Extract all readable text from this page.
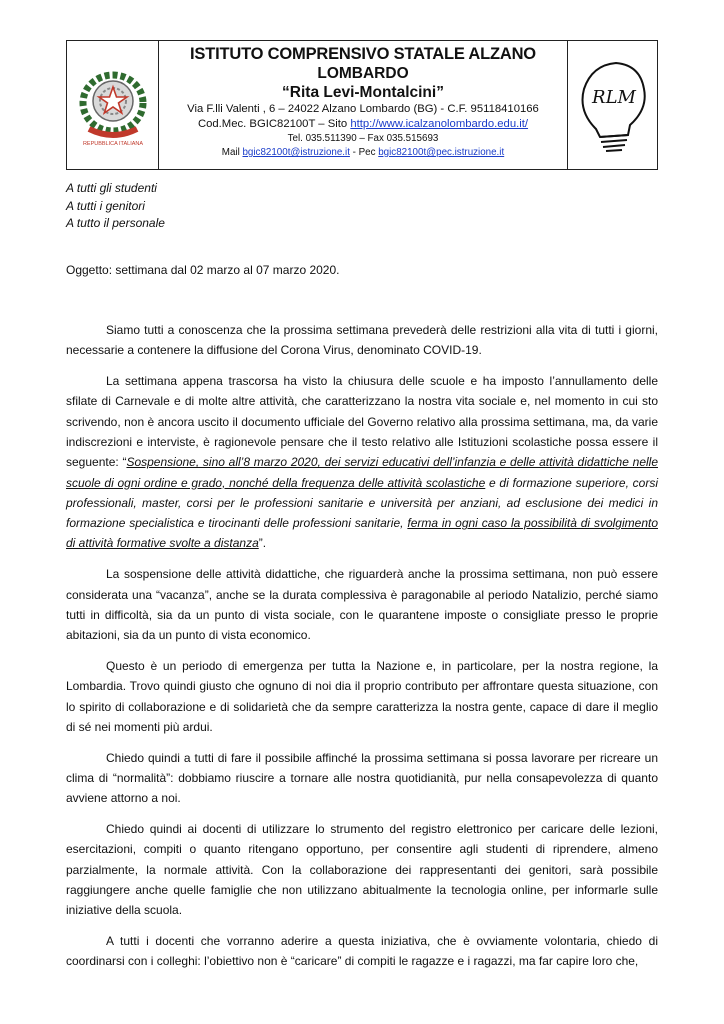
REPUBBLICA ITALIANA
ISTITUTO COMPRENSIVO STATALE ALZANO
LOMBARDO
“Rita Levi-Montalcini”
Via F.lli Valenti , 6 – 24022 Alzano Lombardo (BG) - C.F. 95118410166
Cod.Mec. BGIC82100T – Sito http://www.icalzanolombardo.edu.it/
Tel. 035.511390 – Fax 035.515693
Mail bgic82100t@istruzione.it - Pec bgic82100t@pec.istruzione.it
RLM
A tutti gli studenti
A tutti i genitori
A tutto il personale
Oggetto: settimana dal 02 marzo al 07 marzo 2020.

Siamo tutti a conoscenza che la prossima settimana prevederà delle restrizioni alla vita di tutti i giorni, necessarie a contenere la diffusione del Corona Virus, denominato COVID-19.

La settimana appena trascorsa ha visto la chiusura delle scuole e ha imposto l’annullamento delle sfilate di Carnevale e di molte altre attività, che caratterizzano la nostra vita sociale e, nel momento in cui sto scrivendo, non è ancora uscito il documento ufficiale del Governo relativo alla prossima settimana, ma, da varie indiscrezioni e interviste, è ragionevole pensare che il testo relativo alle Istituzioni scolastiche possa essere il seguente: “Sospensione, sino all’8 marzo 2020, dei servizi educativi dell’infanzia e delle attività didattiche nelle scuole di ogni ordine e grado, nonché della frequenza delle attività scolastiche e di formazione superiore, corsi professionali, master, corsi per le professioni sanitarie e università per anziani, ad esclusione dei medici in formazione specialistica e tirocinanti delle professioni sanitarie, ferma in ogni caso la possibilità di svolgimento di attività formative svolte a distanza”.

La sospensione delle attività didattiche, che riguarderà anche la prossima settimana, non può essere considerata una “vacanza”, anche se la durata complessiva è paragonabile al periodo Natalizio, perché siamo tutti in difficoltà, sia da un punto di vista sociale, con le quarantene imposte o consigliate presso le proprie abitazioni, sia da un punto di vista economico.

Questo è un periodo di emergenza per tutta la Nazione e, in particolare, per la nostra regione, la Lombardia. Trovo quindi giusto che ognuno di noi dia il proprio contributo per affrontare questa situazione, con lo spirito di collaborazione e di solidarietà che da sempre caratterizza la nostra gente, capace di dare il meglio di sé nei momenti più ardui.

Chiedo quindi a tutti di fare il possibile affinché la prossima settimana si possa lavorare per ricreare un clima di “normalità”: dobbiamo riuscire a tornare alle nostra quotidianità, pur nella consapevolezza di quanto avviene attorno a noi.

Chiedo quindi ai docenti di utilizzare lo strumento del registro elettronico per caricare delle lezioni, esercitazioni, compiti o quanto ritengano opportuno, per consentire agli studenti di riprendere, almeno parzialmente, la normale attività. Con la collaborazione dei rappresentanti dei genitori, sarà possibile raggiungere anche quelle famiglie che non utilizzano abitualmente la tecnologia online, per informarle sulle iniziative della scuola.

A tutti i docenti che vorranno aderire a questa iniziativa, che è ovviamente volontaria, chiedo di coordinarsi con i colleghi: l’obiettivo non è “caricare” di compiti le ragazze e i ragazzi, ma far capire loro che,
